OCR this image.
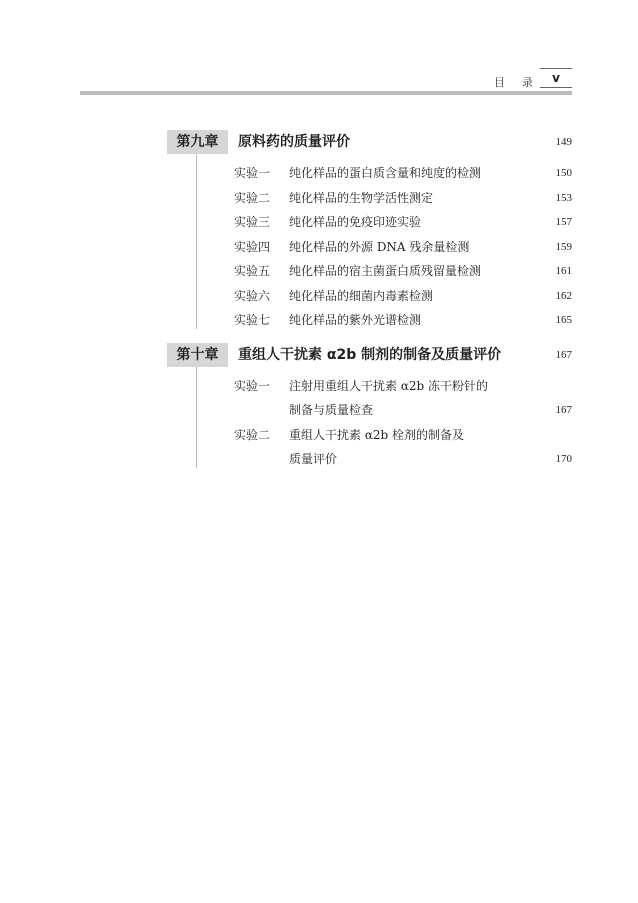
目 录	v
第九章	原料药的质量评价	149
实验一 纯化样品的蛋白质含量和纯度的检测	150
实验二 纯化样品的生物学活性测定	153
实验三 纯化样品的免疫印迹实验	157
实验四 纯化样品的外源 DNA 残余量检测	159
实验五 纯化样品的宿主菌蛋白质残留量检测	161
实验六 纯化样品的细菌内毒素检测	162
实验七 纯化样品的紫外光谱检测	165
第十章	重组人干扰素 α2b 制剂的制备及质量评价	167
实验一 注射用重组人干扰素 α2b 冻干粉针的
制备与质量检查	167
实验二 重组人干扰素 α2b 栓剂的制备及
质量评价	170
